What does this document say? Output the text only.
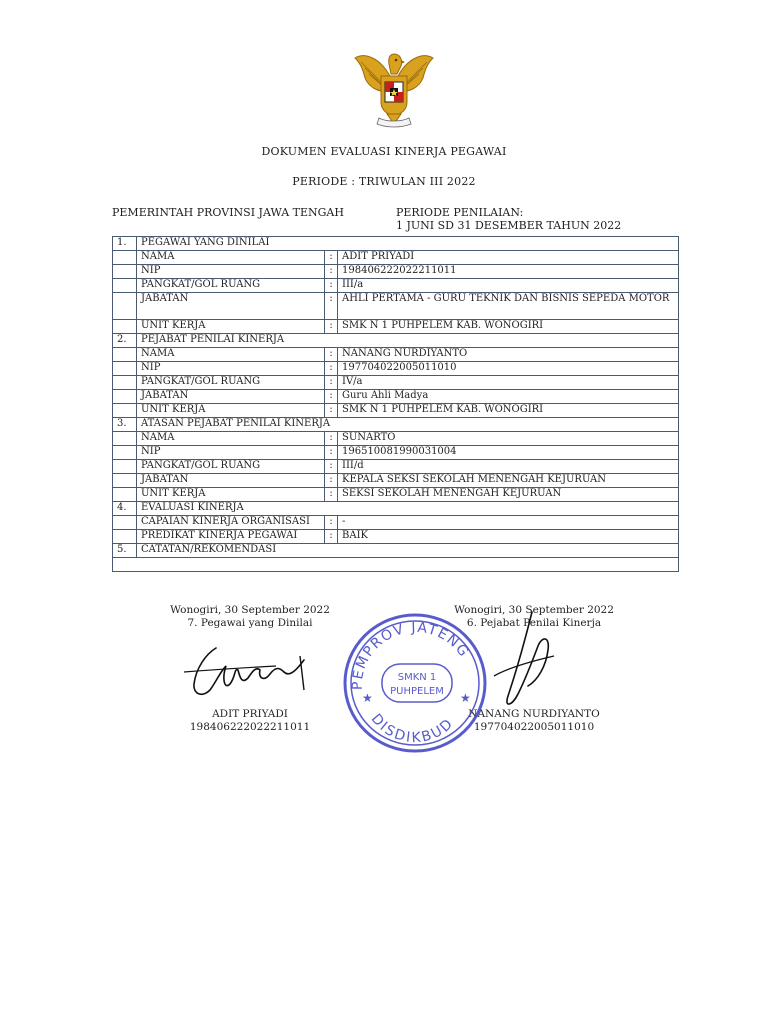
DOKUMEN EVALUASI KINERJA PEGAWAI
PERIODE : TRIWULAN III 2022
PEMERINTAH PROVINSI JAWA TENGAH	PERIODE PENILAIAN:
1 JUNI SD 31 DESEMBER TAHUN 2022
1.	PEGAWAI YANG DINILAI		
	NAMA	:	ADIT PRIYADI
	NIP	:	198406222022211011
	PANGKAT/GOL RUANG	:	III/a
	JABATAN	:	AHLI PERTAMA - GURU TEKNIK DAN BISNIS SEPEDA MOTOR
	UNIT KERJA	:	SMK N 1 PUHPELEM KAB. WONOGIRI
2.	PEJABAT PENILAI KINERJA		
	NAMA	:	NANANG NURDIYANTO
	NIP	:	197704022005011010
	PANGKAT/GOL RUANG	:	IV/a
	JABATAN	:	Guru Ahli Madya
	UNIT KERJA	:	SMK N 1 PUHPELEM KAB. WONOGIRI
3.	ATASAN PEJABAT PENILAI KINERJA		
	NAMA	:	SUNARTO
	NIP	:	196510081990031004
	PANGKAT/GOL RUANG	:	III/d
	JABATAN	:	KEPALA SEKSI SEKOLAH MENENGAH KEJURUAN
	UNIT KERJA	:	SEKSI SEKOLAH MENENGAH KEJURUAN
4.	EVALUASI KINERJA		
	CAPAIAN KINERJA ORGANISASI	:	-
	PREDIKAT KINERJA PEGAWAI	:	BAIK
5.	CATATAN/REKOMENDASI		

Wonogiri, 30 September 2022
7. Pegawai yang Dinilai
ADIT PRIYADI
198406222022211011
Wonogiri, 30 September 2022
6. Pejabat Penilai Kinerja
NANANG NURDIYANTO
197704022005011010
PEMPROV JATENG
DISDIKBUD
SMKN 1
PUHPELEM
★	★
